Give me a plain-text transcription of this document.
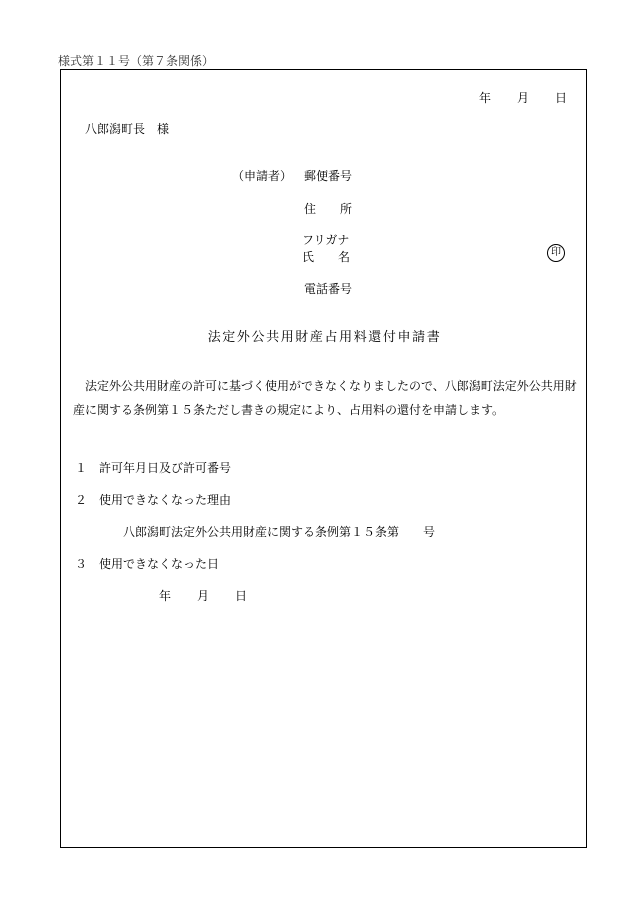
様式第１１号（第７条関係）
年 月 日
八郎潟町長　様
（申請者） 郵便番号
住　　所
フリガナ
氏　　名	印
電話番号
法定外公共用財産占用料還付申請書
法定外公共用財産の許可に基づく使用ができなくなりましたので、八郎潟町法定外公共用財産に関する条例第１５条ただし書きの規定により、占用料の還付を申請します。
１ 許可年月日及び許可番号
２ 使用できなくなった理由
八郎潟町法定外公共用財産に関する条例第１５条第　　号
３ 使用できなくなった日
年 月 日
